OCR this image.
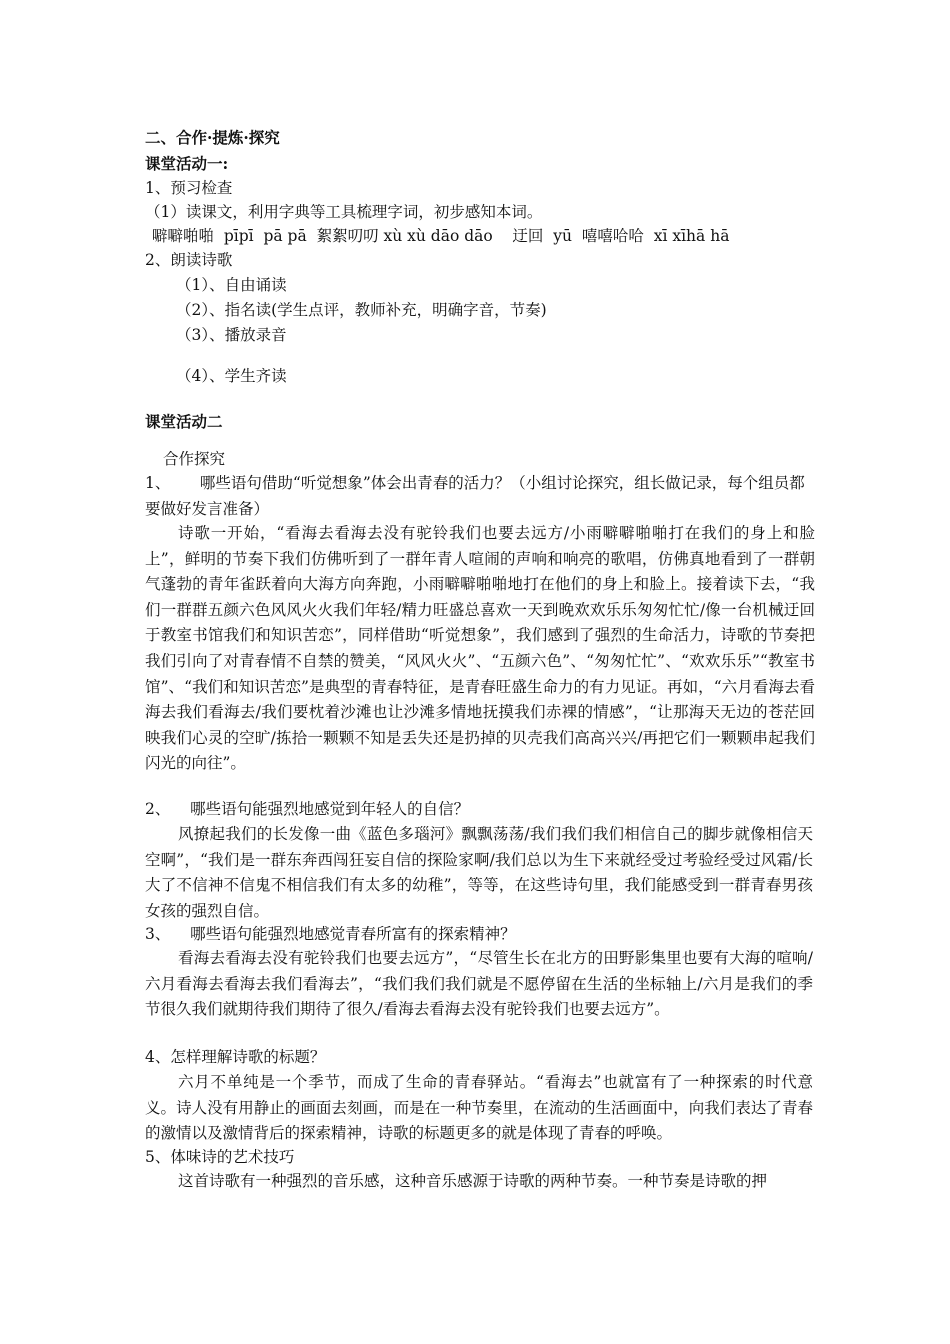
二、合作·提炼·探究
课堂活动一:
1、预习检查
（1）读课文，利用字典等工具梳理字词，初步感知本词。
噼噼啪啪  pīpī  pā pā  絮絮叨叨 xù xù dāo dāo    迂回  yū  嘻嘻哈哈  xī xīhā hā
2、朗读诗歌
（1）、自由诵读
（2）、指名读(学生点评，教师补充，明确字音，节奏)
（3）、播放录音
（4）、学生齐读
课堂活动二
合作探究
1、      哪些语句借助“听觉想象”体会出青春的活力？（小组讨论探究，组长做记录，每个组员都要做好发言准备）
诗歌一开始，“看海去看海去没有驼铃我们也要去远方/小雨噼噼啪啪打在我们的身上和脸上”，鲜明的节奏下我们仿佛听到了一群年青人喧闹的声响和响亮的歌唱，仿佛真地看到了一群朝气蓬勃的青年雀跃着向大海方向奔跑，小雨噼噼啪啪地打在他们的身上和脸上。接着读下去，“我们一群群五颜六色风风火火我们年轻/精力旺盛总喜欢一天到晚欢欢乐乐匆匆忙忙/像一台机械迂回于教室书馆我们和知识苦恋”，同样借助“听觉想象”，我们感到了强烈的生命活力，诗歌的节奏把我们引向了对青春情不自禁的赞美，“风风火火”、“五颜六色”、“匆匆忙忙”、“欢欢乐乐”“教室书馆”、“我们和知识苦恋”是典型的青春特征，是青春旺盛生命力的有力见证。再如，“六月看海去看海去我们看海去/我们要枕着沙滩也让沙滩多情地抚摸我们赤裸的情感”，“让那海天无边的苍茫回映我们心灵的空旷/拣拾一颗颗不知是丢失还是扔掉的贝壳我们高高兴兴/再把它们一颗颗串起我们闪光的向往”。
2、    哪些语句能强烈地感觉到年轻人的自信？
风撩起我们的长发像一曲《蓝色多瑙河》飘飘荡荡/我们我们我们相信自己的脚步就像相信天空啊”，“我们是一群东奔西闯狂妄自信的探险家啊/我们总以为生下来就经受过考验经受过风霜/长大了不信神不信鬼不相信我们有太多的幼稚”，等等，在这些诗句里，我们能感受到一群青春男孩女孩的强烈自信。
3、    哪些语句能强烈地感觉青春所富有的探索精神？
看海去看海去没有驼铃我们也要去远方”，“尽管生长在北方的田野影集里也要有大海的喧响/六月看海去看海去我们看海去”，“我们我们我们就是不愿停留在生活的坐标轴上/六月是我们的季节很久我们就期待我们期待了很久/看海去看海去没有驼铃我们也要去远方”。
4、怎样理解诗歌的标题？
六月不单纯是一个季节，而成了生命的青春驿站。“看海去”也就富有了一种探索的时代意义。诗人没有用静止的画面去刻画，而是在一种节奏里，在流动的生活画面中，向我们表达了青春的激情以及激情背后的探索精神，诗歌的标题更多的就是体现了青春的呼唤。
5、体味诗的艺术技巧
这首诗歌有一种强烈的音乐感，这种音乐感源于诗歌的两种节奏。一种节奏是诗歌的押
